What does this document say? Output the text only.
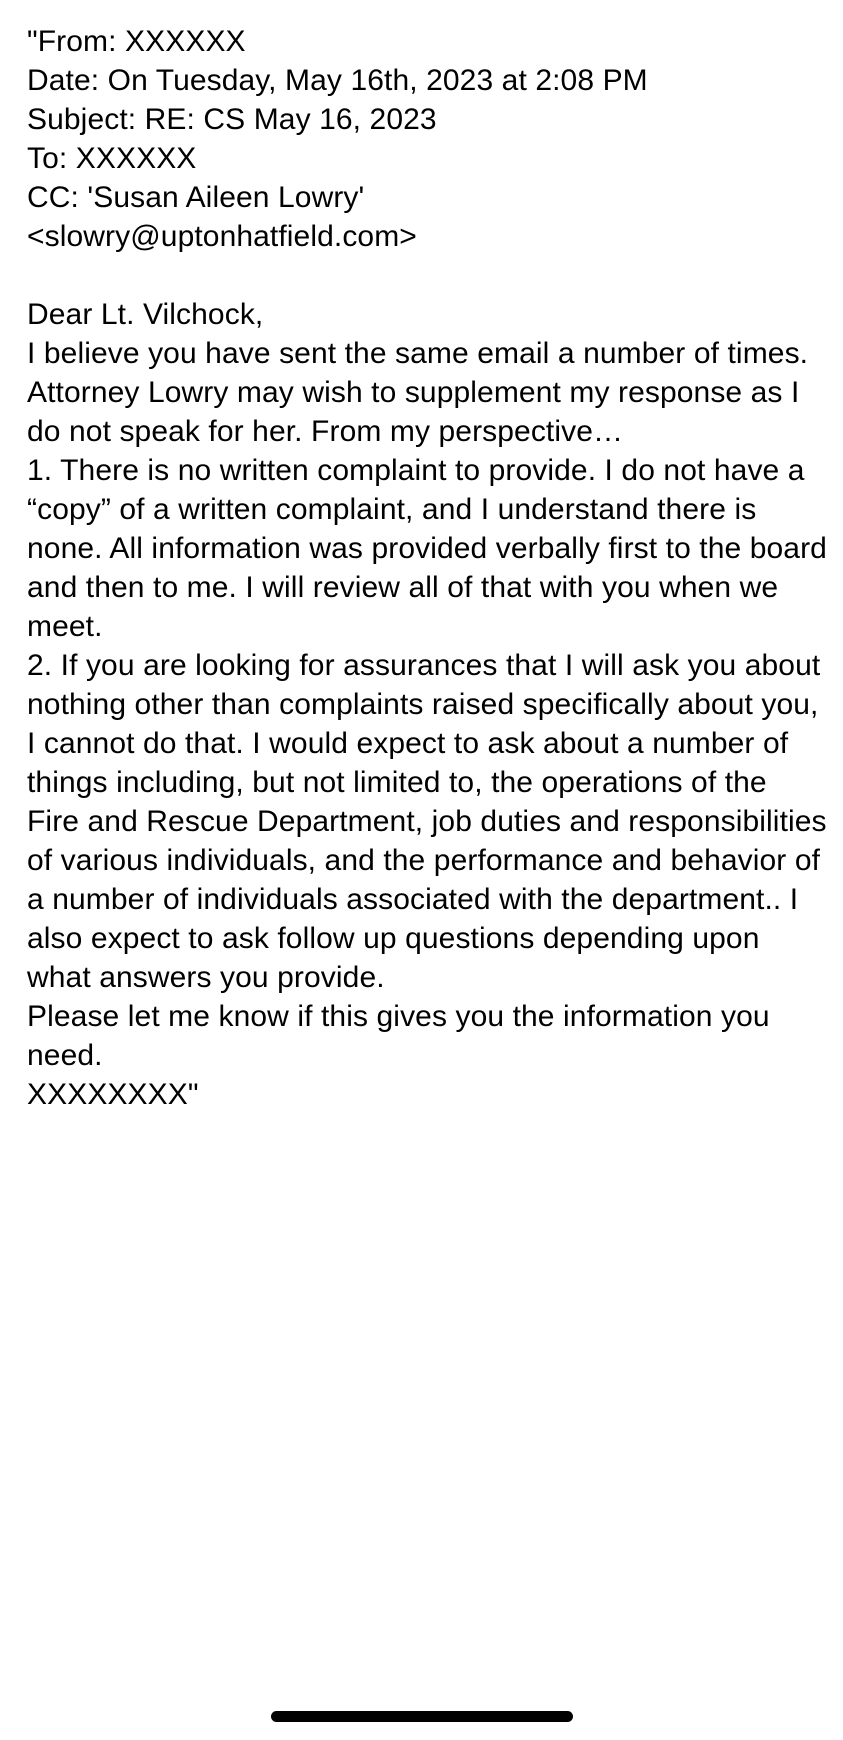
"From: XXXXXX

Date: On Tuesday, May 16th, 2023 at 2:08 PM

Subject: RE: CS May 16, 2023

To: XXXXXX

CC: 'Susan Aileen Lowry'

<slowry@uptonhatfield.com>

Dear Lt. Vilchock,

I believe you have sent the same email a number of times. Attorney Lowry may wish to supplement my response as I do not speak for her. From my perspective…

1. There is no written complaint to provide. I do not have a “copy” of a written complaint, and I understand there is none. All information was provided verbally first to the board and then to me. I will review all of that with you when we meet.

2. If you are looking for assurances that I will ask you about nothing other than complaints raised specifically about you, I cannot do that. I would expect to ask about a number of things including, but not limited to, the operations of the Fire and Rescue Department, job duties and responsibilities of various individuals, and the performance and behavior of a number of individuals associated with the department.. I also expect to ask follow up questions depending upon what answers you provide.

Please let me know if this gives you the information you need.

XXXXXXXX"
